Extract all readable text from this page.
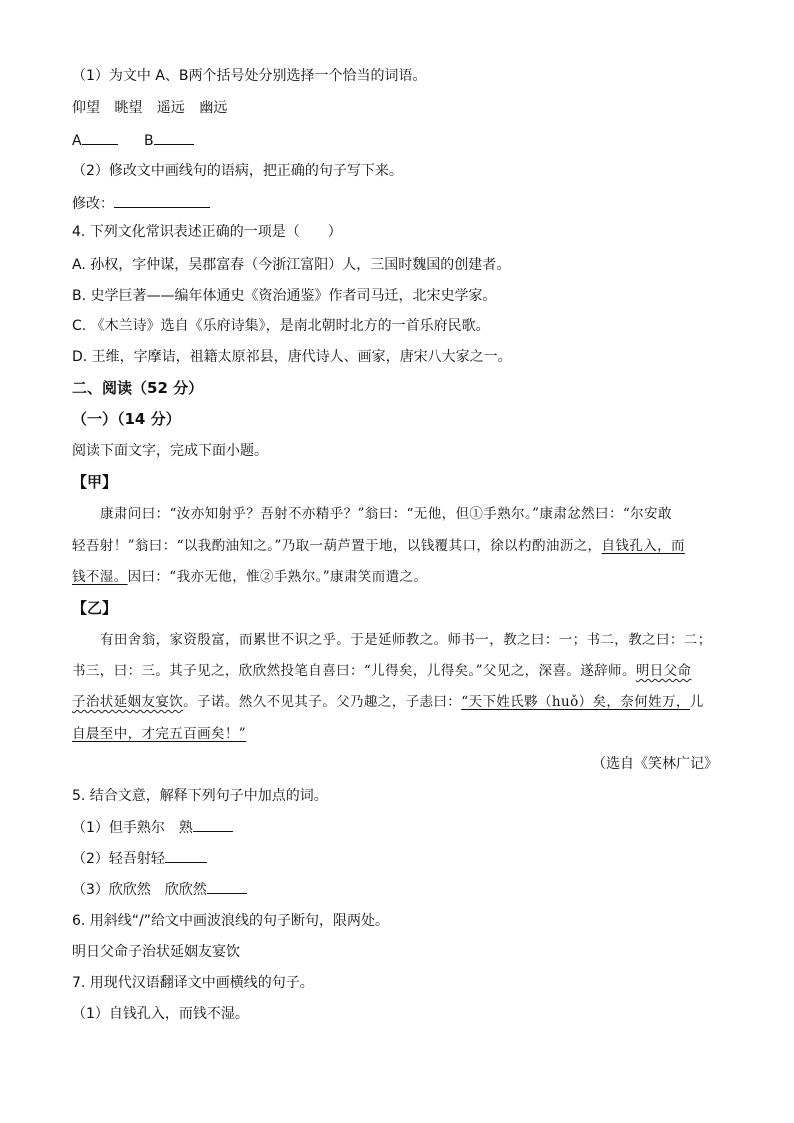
（1）为文中 A、B两个括号处分别选择一个恰当的词语。
仰望 眺望 遥远 幽远
A	B
（2）修改文中画线句的语病，把正确的句子写下来。
修改：
4. 下列文化常识表述正确的一项是（　　）
A. 孙权，字仲谋，吴郡富春（今浙江富阳）人，三国时魏国的创建者。
B. 史学巨著——编年体通史《资治通鉴》作者司马迁，北宋史学家。
C. 《木兰诗》选自《乐府诗集》，是南北朝时北方的一首乐府民歌。
D. 王维，字摩诘，祖籍太原祁县，唐代诗人、画家，唐宋八大家之一。
二、阅读（52 分）
（一）（14 分）
阅读下面文字，完成下面小题。
【甲】
康肃问曰：“汝亦知射乎？吾射不亦精乎？”翁曰：“无他，但①手熟尔。”康肃忿然曰：“尔安敢
轻吾射！”翁曰：“以我酌油知之。”乃取一葫芦置于地，以钱覆其口，徐以杓酌油沥之，自钱孔入，而
钱不湿。因曰：“我亦无他，惟②手熟尔。”康肃笑而遣之。
【乙】
有田舍翁，家资殷富，而累世不识之乎。于是延师教之。师书一，教之曰：一；书二，教之曰：二；
书三，曰：三。其子见之，欣欣然投笔自喜曰：“儿得矣，儿得矣。”父见之，深喜。遂辞师。明日父命
子治状延姻友宴饮。子诺。然久不见其子。父乃趣之，子恚曰：“天下姓氏夥（huǒ）矣，奈何姓万，儿
自晨至中，才完五百画矣！”
（选自《笑林广记》
5. 结合文意，解释下列句子中加点的词。
（1）但手熟尔　熟
（2）轻吾射轻
（3）欣欣然　欣欣然
6. 用斜线“/”给文中画波浪线的句子断句，限两处。
明日父命子治状延姻友宴饮
7. 用现代汉语翻译文中画横线的句子。
（1）自钱孔入，而钱不湿。
